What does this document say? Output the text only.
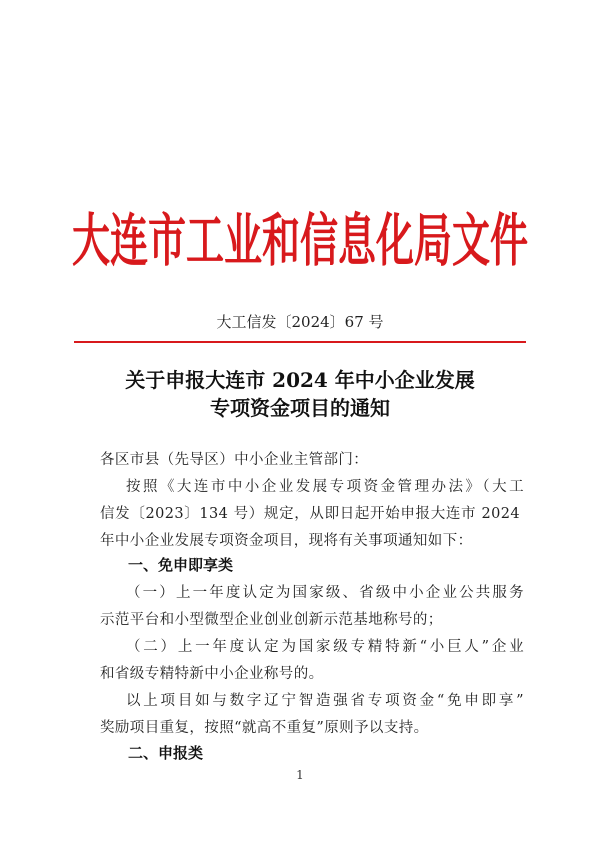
大连市工业和信息化局文件
大工信发〔2024〕67 号
关于申报大连市 2024 年中小企业发展
专项资金项目的通知
各区市县（先导区）中小企业主管部门：
按照《大连市中小企业发展专项资金管理办法》（大工
信发〔2023〕134 号）规定，从即日起开始申报大连市 2024
年中小企业发展专项资金项目，现将有关事项通知如下：
一、免申即享类
（一）上一年度认定为国家级、省级中小企业公共服务
示范平台和小型微型企业创业创新示范基地称号的；
（二）上一年度认定为国家级专精特新“小巨人”企业
和省级专精特新中小企业称号的。
以上项目如与数字辽宁智造强省专项资金“免申即享”
奖励项目重复，按照“就高不重复”原则予以支持。
二、申报类
1
